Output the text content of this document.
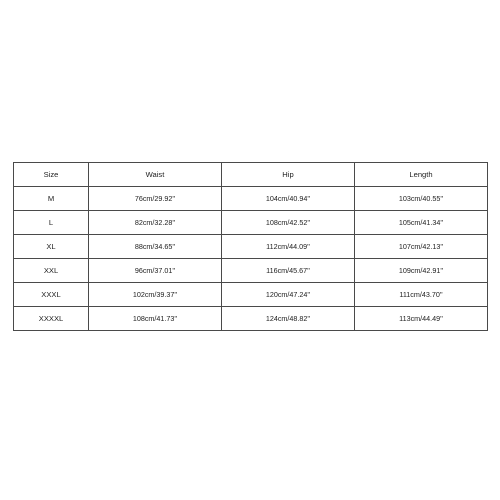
Size	Waist	Hip	Length
M	76cm/29.92''	104cm/40.94''	103cm/40.55''
L	82cm/32.28''	108cm/42.52''	105cm/41.34''
XL	88cm/34.65''	112cm/44.09''	107cm/42.13''
XXL	96cm/37.01''	116cm/45.67''	109cm/42.91''
XXXL	102cm/39.37''	120cm/47.24''	111cm/43.70''
XXXXL	108cm/41.73''	124cm/48.82''	113cm/44.49''
